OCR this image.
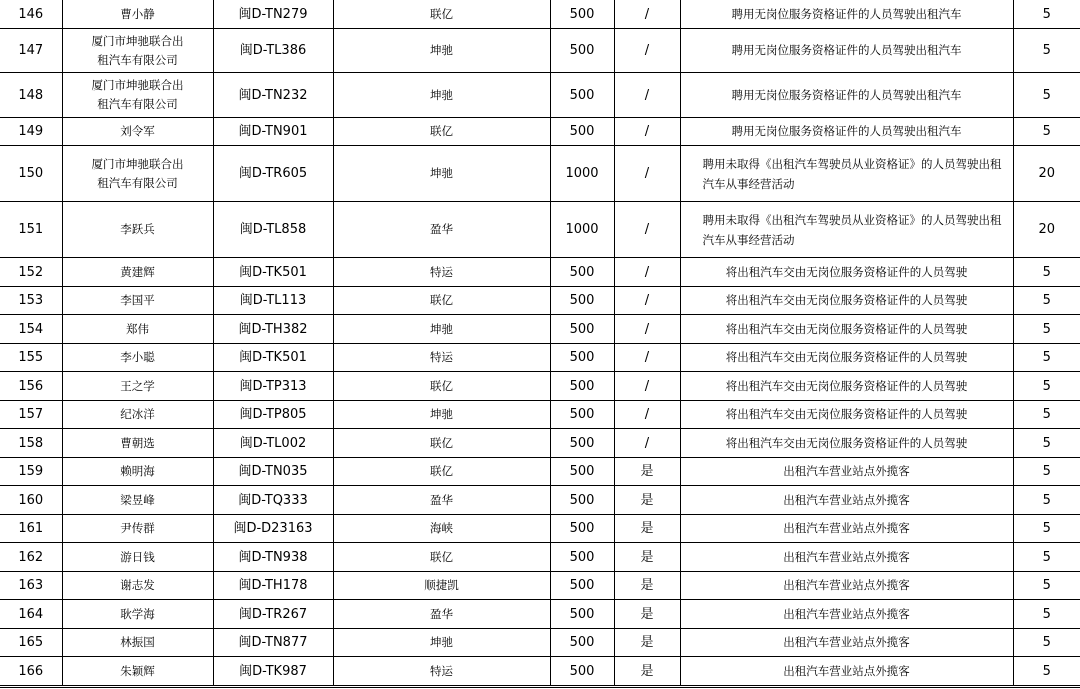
146	曹小静	闽D-TN279	联亿	500	/	聘用无岗位服务资格证件的人员驾驶出租汽车	5
147	厦门市坤驰联合出租汽车有限公司	闽D-TL386	坤驰	500	/	聘用无岗位服务资格证件的人员驾驶出租汽车	5
148	厦门市坤驰联合出租汽车有限公司	闽D-TN232	坤驰	500	/	聘用无岗位服务资格证件的人员驾驶出租汽车	5
149	刘令军	闽D-TN901	联亿	500	/	聘用无岗位服务资格证件的人员驾驶出租汽车	5
150	厦门市坤驰联合出租汽车有限公司	闽D-TR605	坤驰	1000	/	聘用未取得《出租汽车驾驶员从业资格证》的人员驾驶出租汽车从事经营活动	20
151	李跃兵	闽D-TL858	盈华	1000	/	聘用未取得《出租汽车驾驶员从业资格证》的人员驾驶出租汽车从事经营活动	20
152	黄建辉	闽D-TK501	特运	500	/	将出租汽车交由无岗位服务资格证件的人员驾驶	5
153	李国平	闽D-TL113	联亿	500	/	将出租汽车交由无岗位服务资格证件的人员驾驶	5
154	郑伟	闽D-TH382	坤驰	500	/	将出租汽车交由无岗位服务资格证件的人员驾驶	5
155	李小聪	闽D-TK501	特运	500	/	将出租汽车交由无岗位服务资格证件的人员驾驶	5
156	王之学	闽D-TP313	联亿	500	/	将出租汽车交由无岗位服务资格证件的人员驾驶	5
157	纪冰洋	闽D-TP805	坤驰	500	/	将出租汽车交由无岗位服务资格证件的人员驾驶	5
158	曹朝选	闽D-TL002	联亿	500	/	将出租汽车交由无岗位服务资格证件的人员驾驶	5
159	赖明海	闽D-TN035	联亿	500	是	出租汽车营业站点外揽客	5
160	梁昱峰	闽D-TQ333	盈华	500	是	出租汽车营业站点外揽客	5
161	尹传群	闽D-D23163	海峡	500	是	出租汽车营业站点外揽客	5
162	游日钱	闽D-TN938	联亿	500	是	出租汽车营业站点外揽客	5
163	谢志发	闽D-TH178	顺捷凯	500	是	出租汽车营业站点外揽客	5
164	耿学海	闽D-TR267	盈华	500	是	出租汽车营业站点外揽客	5
165	林振国	闽D-TN877	坤驰	500	是	出租汽车营业站点外揽客	5
166	朱颖辉	闽D-TK987	特运	500	是	出租汽车营业站点外揽客	5
